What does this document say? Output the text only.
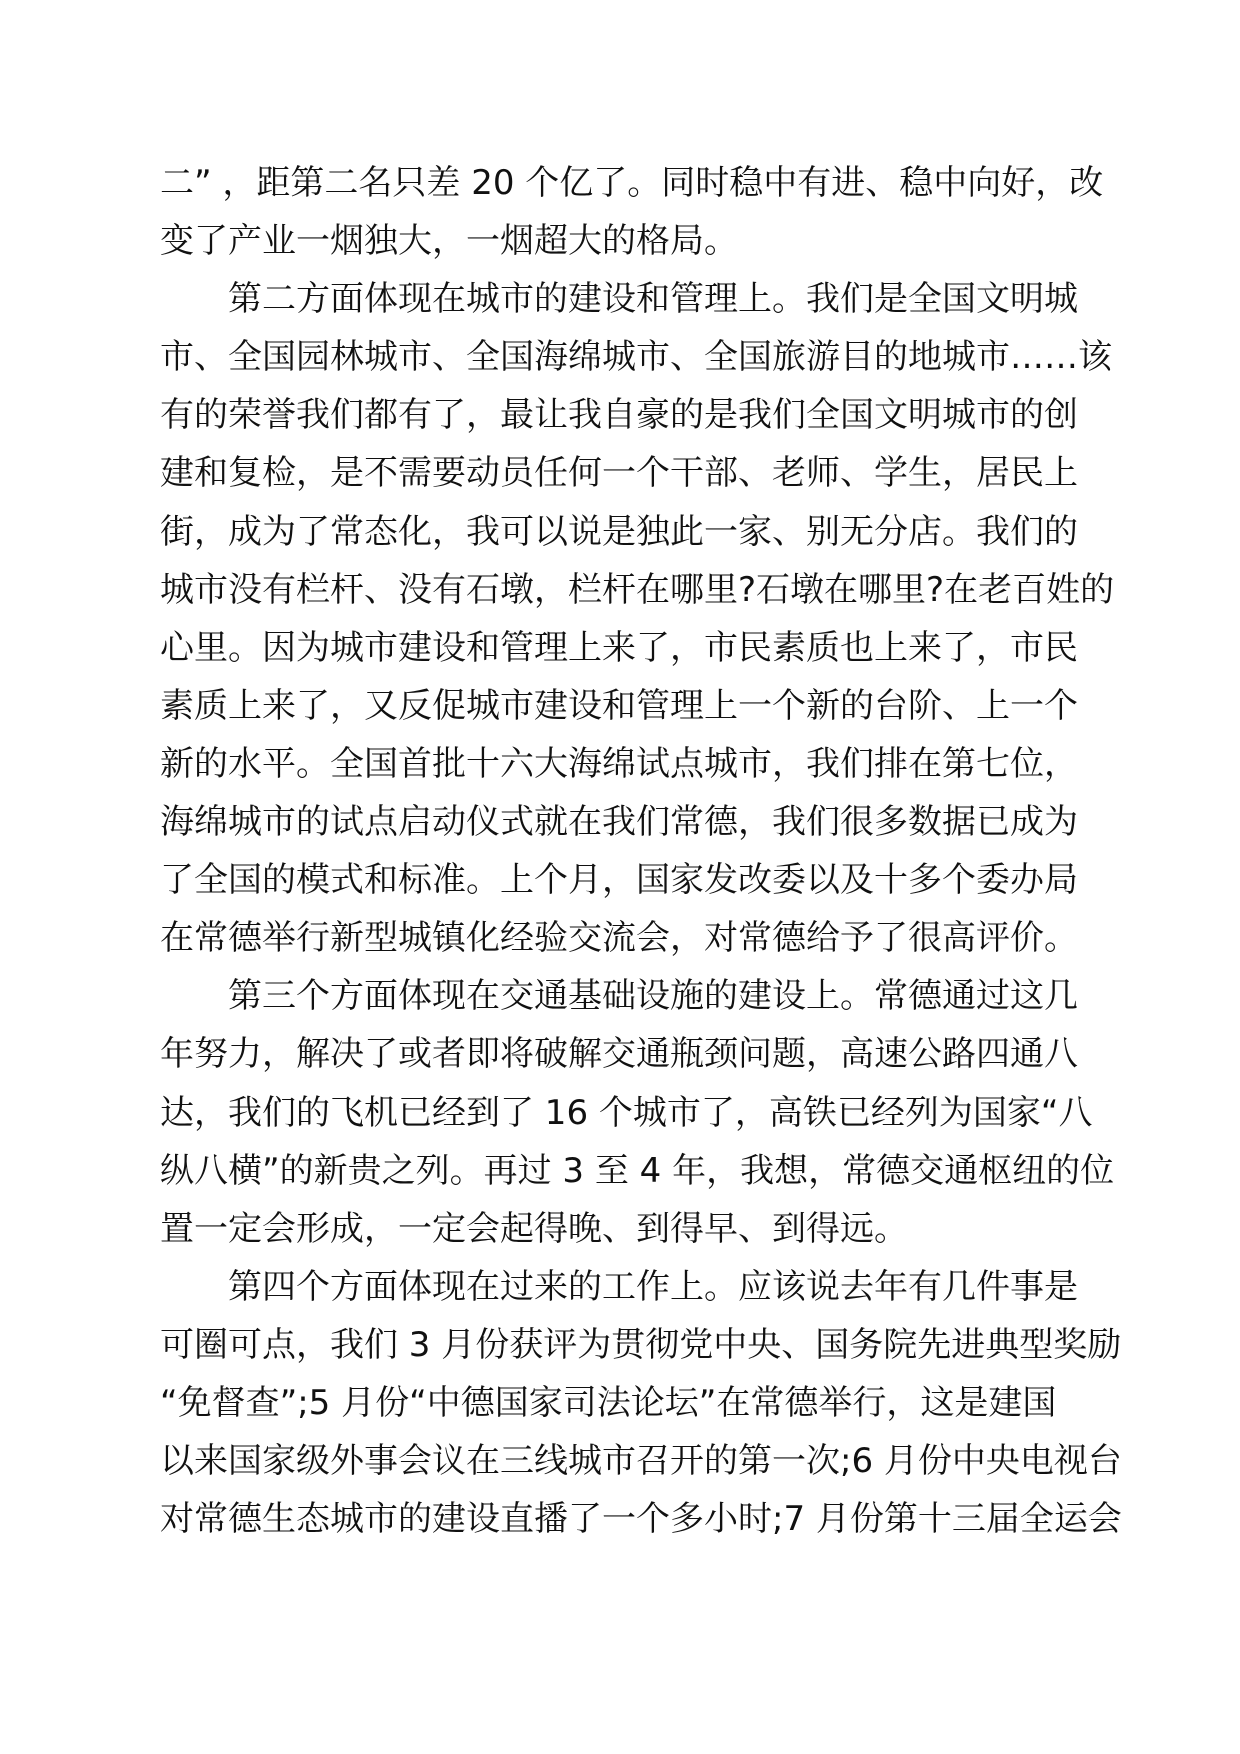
二” ，距第二名只差 20 个亿了。同时稳中有进、稳中向好，改
变了产业一烟独大，一烟超大的格局。
　　第二方面体现在城市的建设和管理上。我们是全国文明城
市、全国园林城市、全国海绵城市、全国旅游目的地城市……该
有的荣誉我们都有了，最让我自豪的是我们全国文明城市的创
建和复检，是不需要动员任何一个干部、老师、学生，居民上
街，成为了常态化，我可以说是独此一家、别无分店。我们的
城市没有栏杆、没有石墩，栏杆在哪里?石墩在哪里?在老百姓的
心里。因为城市建设和管理上来了，市民素质也上来了，市民
素质上来了，又反促城市建设和管理上一个新的台阶、上一个
新的水平。全国首批十六大海绵试点城市，我们排在第七位，
海绵城市的试点启动仪式就在我们常德，我们很多数据已成为
了全国的模式和标准。上个月，国家发改委以及十多个委办局
在常德举行新型城镇化经验交流会，对常德给予了很高评价。
　　第三个方面体现在交通基础设施的建设上。常德通过这几
年努力，解决了或者即将破解交通瓶颈问题，高速公路四通八
达，我们的飞机已经到了 16 个城市了，高铁已经列为国家“八
纵八横”的新贵之列。再过 3 至 4 年，我想，常德交通枢纽的位
置一定会形成，一定会起得晚、到得早、到得远。
　　第四个方面体现在过来的工作上。应该说去年有几件事是
可圈可点，我们 3 月份获评为贯彻党中央、国务院先进典型奖励
“免督查”;5 月份“中德国家司法论坛”在常德举行，这是建国
以来国家级外事会议在三线城市召开的第一次;6 月份中央电视台
对常德生态城市的建设直播了一个多小时;7 月份第十三届全运会
